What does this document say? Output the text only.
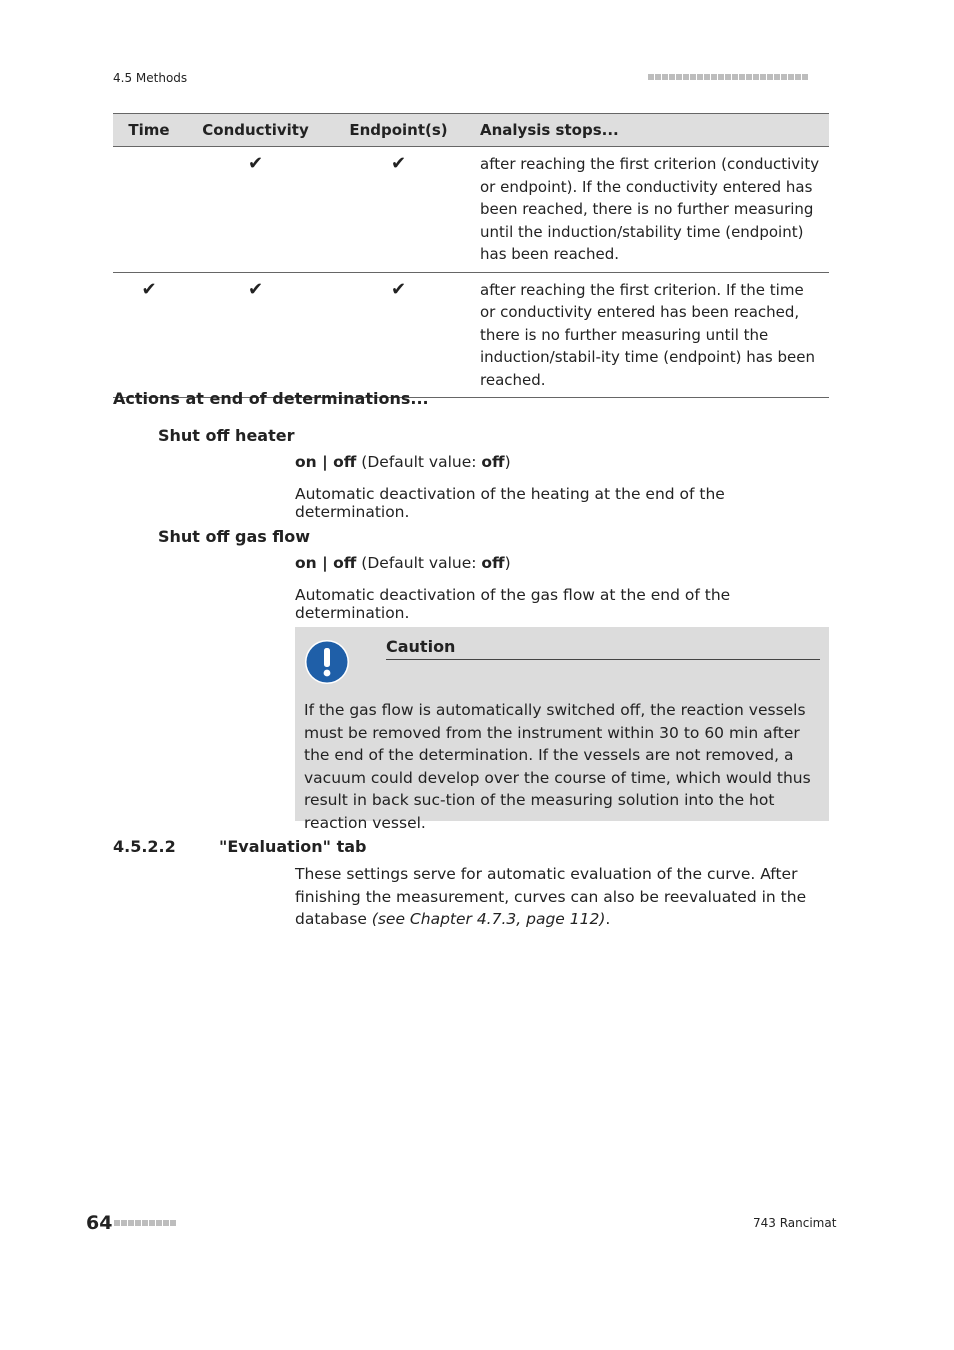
4.5 Methods
Time	Conductivity	Endpoint(s)	Analysis stops...
	✔	✔	after reaching the first criterion (conductivity or endpoint). If the conductivity entered has been reached, there is no further measuring until the induction/stability time (endpoint) has been reached.
✔	✔	✔	after reaching the first criterion. If the time or conductivity entered has been reached, there is no further measuring until the induction/stabil-ity time (endpoint) has been reached.
Actions at end of determinations...
Shut off heater
on | off (Default value: off)
Automatic deactivation of the heating at the end of the determination.
Shut off gas flow
on | off (Default value: off)
Automatic deactivation of the gas flow at the end of the determination.
Caution
If the gas flow is automatically switched off, the reaction vessels must be removed from the instrument within 30 to 60 min after the end of the determination. If the vessels are not removed, a vacuum could develop over the course of time, which would thus result in back suc-tion of the measuring solution into the hot reaction vessel.
4.5.2.2	"Evaluation" tab
These settings serve for automatic evaluation of the curve. After finishing the measurement, curves can also be reevaluated in the database (see Chapter 4.7.3, page 112).
64	743 Rancimat
